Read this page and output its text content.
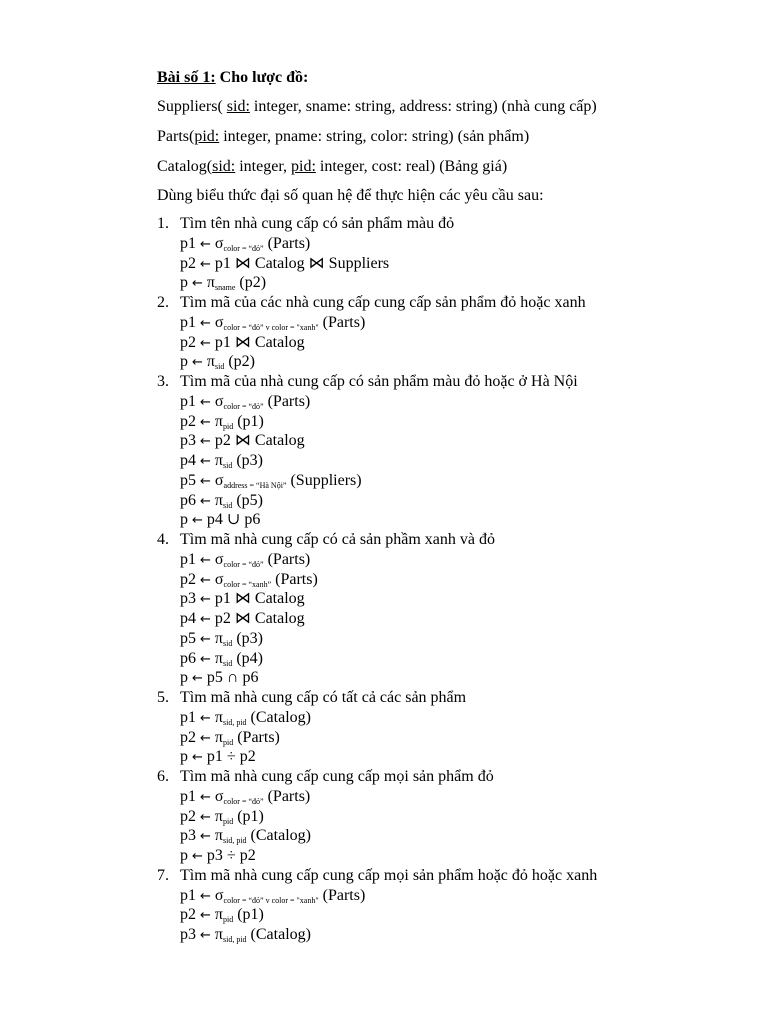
Bài số 1: Cho lược đồ:
Suppliers( sid: integer, sname: string, address: string) (nhà cung cấp)
Parts(pid: integer, pname: string, color: string) (sản phẩm)
Catalog(sid: integer, pid: integer, cost: real) (Bảng giá)
Dùng biểu thức đại số quan hệ để thực hiện các yêu cầu sau:
1. Tìm tên nhà cung cấp có sản phẩm màu đỏ
p1 ← $\sigma_{color = “đỏ”}$ (Parts)
p2 ← p1 ⋈ Catalog ⋈ Suppliers
p ← $\pi_{sname}$ (p2)
2. Tìm mã của các nhà cung cấp cung cấp sản phẩm đỏ hoặc xanh
p1 ← $\sigma_{color = “đỏ” v color = "xanh"}$ (Parts)
p2 ← p1 ⋈ Catalog
p ← $\pi_{sid}$ (p2)
3. Tìm mã của nhà cung cấp có sản phẩm màu đỏ hoặc ở Hà Nội
p1 ← $\sigma_{color = “đỏ”}$ (Parts)
p2 ← $\pi_{pid}$ (p1)
p3 ← p2 ⋈ Catalog
p4 ← $\pi_{sid}$ (p3)
p5 ← $\sigma_{address = “Hà Nội”}$ (Suppliers)
p6 ← $\pi_{sid}$ (p5)
p ← p4 ∪ p6
4. Tìm mã nhà cung cấp có cả sản phầm xanh và đỏ
p1 ← $\sigma_{color = “đỏ”}$ (Parts)
p2 ← $\sigma_{color = “xanh”}$ (Parts)
p3 ← p1 ⋈ Catalog
p4 ← p2 ⋈ Catalog
p5 ← $\pi_{sid}$ (p3)
p6 ← $\pi_{sid}$ (p4)
p ← p5 ∩ p6
5. Tìm mã nhà cung cấp có tất cả các sản phẩm
p1 ← $\pi_{sid, pid}$ (Catalog)
p2 ← $\pi_{pid}$ (Parts)
p ← p1 ÷ p2
6. Tìm mã nhà cung cấp cung cấp mọi sản phẩm đỏ
p1 ← $\sigma_{color = “đỏ”}$ (Parts)
p2 ← $\pi_{pid}$ (p1)
p3 ← $\pi_{sid, pid}$ (Catalog)
p ← p3 ÷ p2
7. Tìm mã nhà cung cấp cung cấp mọi sản phẩm hoặc đỏ hoặc xanh
p1 ← $\sigma_{color = “đỏ” v color = "xanh"}$ (Parts)
p2 ← $\pi_{pid}$ (p1)
p3 ← $\pi_{sid, pid}$ (Catalog)
